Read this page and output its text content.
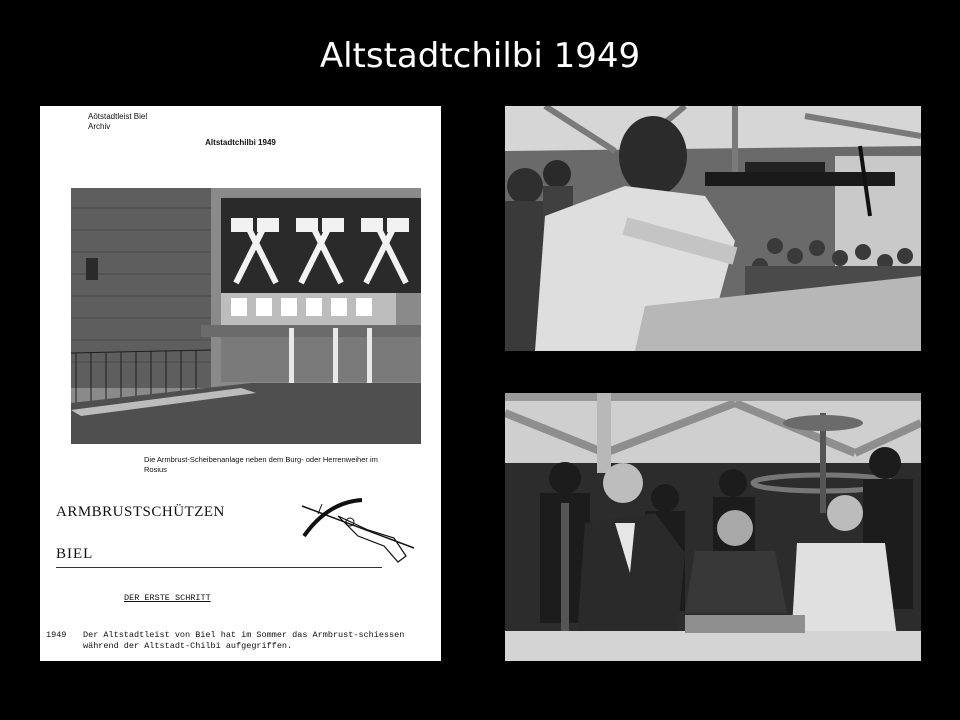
Altstadtchilbi 1949
Aōtstadtleist Biel
Archiv
Altstadtchilbi 1949
Die Armbrust-Scheibenanlage neben dem Burg- oder Herrenweiher im Rosius
ARMBRUSTSCHÜTZEN
BIEL
DER ERSTE SCHRITT
1949 Der Altstadtleist von Biel hat im Sommer das Armbrust-schiessen während der Altstadt-Chilbi aufgegriffen.
